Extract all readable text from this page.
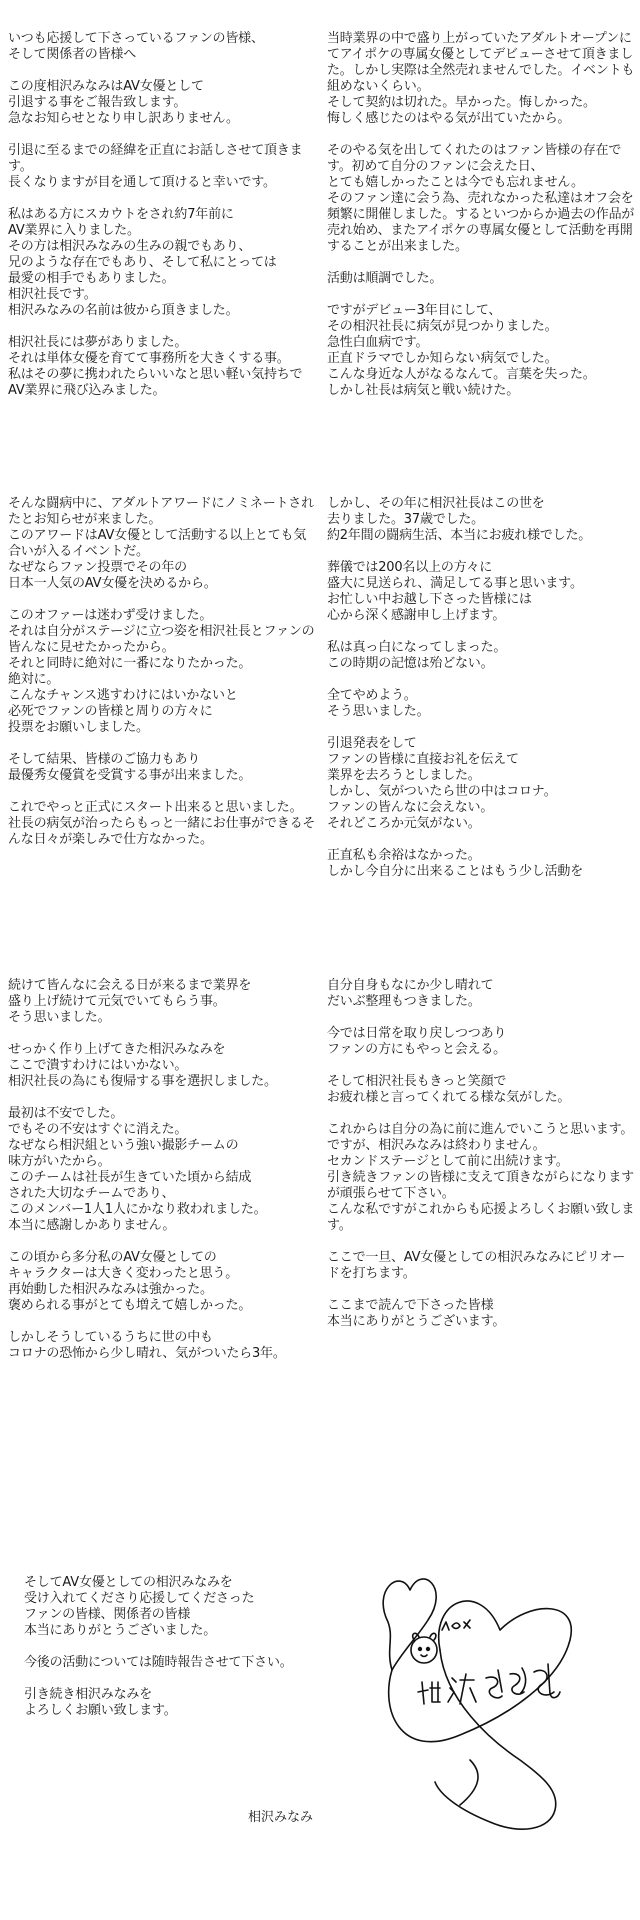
いつも応援して下さっているファンの皆様、
そして関係者の皆様へ

この度相沢みなみはAV女優として
引退する事をご報告致します。
急なお知らせとなり申し訳ありません。

引退に至るまでの経緯を正直にお話しさせて頂きます。
長くなりますが目を通して頂けると幸いです。

私はある方にスカウトをされ約7年前に
AV業界に入りました。
その方は相沢みなみの生みの親でもあり、
兄のような存在でもあり、そして私にとっては
最愛の相手でもありました。
相沢社長です。
相沢みなみの名前は彼から頂きました。

相沢社長には夢がありました。
それは単体女優を育てて事務所を大きくする事。
私はその夢に携われたらいいなと思い軽い気持ちでAV業界に飛び込みました。

当時業界の中で盛り上がっていたアダルトオープンにてアイポケの専属女優としてデビューさせて頂きました。しかし実際は全然売れませんでした。イベントも組めないくらい。
そして契約は切れた。早かった。悔しかった。
悔しく感じたのはやる気が出ていたから。

そのやる気を出してくれたのはファン皆様の存在です。初めて自分のファンに会えた日、
とても嬉しかったことは今でも忘れません。
そのファン達に会う為、売れなかった私達はオフ会を頻繁に開催しました。するといつからか過去の作品が売れ始め、またアイポケの専属女優として活動を再開することが出来ました。

活動は順調でした。

ですがデビュー3年目にして、
その相沢社長に病気が見つかりました。
急性白血病です。
正直ドラマでしか知らない病気でした。
こんな身近な人がなるなんて。言葉を失った。
しかし社長は病気と戦い続けた。

そんな闘病中に、アダルトアワードにノミネートされたとお知らせが来ました。
このアワードはAV女優として活動する以上とても気合いが入るイベントだ。
なぜならファン投票でその年の
日本一人気のAV女優を決めるから。

このオファーは迷わず受けました。
それは自分がステージに立つ姿を相沢社長とファンの皆んなに見せたかったから。
それと同時に絶対に一番になりたかった。
絶対に。
こんなチャンス逃すわけにはいかないと
必死でファンの皆様と周りの方々に
投票をお願いしました。

そして結果、皆様のご協力もあり
最優秀女優賞を受賞する事が出来ました。

これでやっと正式にスタート出来ると思いました。
社長の病気が治ったらもっと一緒にお仕事ができるそんな日々が楽しみで仕方なかった。

しかし、その年に相沢社長はこの世を
去りました。37歳でした。
約2年間の闘病生活、本当にお疲れ様でした。

葬儀では200名以上の方々に
盛大に見送られ、満足してる事と思います。
お忙しい中お越し下さった皆様には
心から深く感謝申し上げます。

私は真っ白になってしまった。
この時期の記憶は殆どない。

全てやめよう。
そう思いました。

引退発表をして
ファンの皆様に直接お礼を伝えて
業界を去ろうとしました。
しかし、気がついたら世の中はコロナ。
ファンの皆んなに会えない。
それどころか元気がない。

正直私も余裕はなかった。
しかし今自分に出来ることはもう少し活動を

続けて皆んなに会える日が来るまで業界を
盛り上げ続けて元気でいてもらう事。
そう思いました。

せっかく作り上げてきた相沢みなみを
ここで潰すわけにはいかない。
相沢社長の為にも復帰する事を選択しました。

最初は不安でした。
でもその不安はすぐに消えた。
なぜなら相沢組という強い撮影チームの
味方がいたから。
このチームは社長が生きていた頃から結成
された大切なチームであり、
このメンバー1人1人にかなり救われました。
本当に感謝しかありません。

この頃から多分私のAV女優としての
キャラクターは大きく変わったと思う。
再始動した相沢みなみは強かった。
褒められる事がとても増えて嬉しかった。

しかしそうしているうちに世の中も
コロナの恐怖から少し晴れ、気がついたら3年。

自分自身もなにか少し晴れて
だいぶ整理もつきました。

今では日常を取り戻しつつあり
ファンの方にもやっと会える。

そして相沢社長もきっと笑顔で
お疲れ様と言ってくれてる様な気がした。

これからは自分の為に前に進んでいこうと思います。
ですが、相沢みなみは終わりません。
セカンドステージとして前に出続けます。
引き続きファンの皆様に支えて頂きながらになりますが頑張らせて下さい。
こんな私ですがこれからも応援よろしくお願い致します。

ここで一旦、AV女優としての相沢みなみにピリオードを打ちます。

ここまで読んで下さった皆様
本当にありがとうございます。

そしてAV女優としての相沢みなみを
受け入れてくださり応援してくださった
ファンの皆様、関係者の皆様
本当にありがとうございました。

今後の活動については随時報告させて下さい。

引き続き相沢みなみを
よろしくお願い致します。

相沢みなみ
